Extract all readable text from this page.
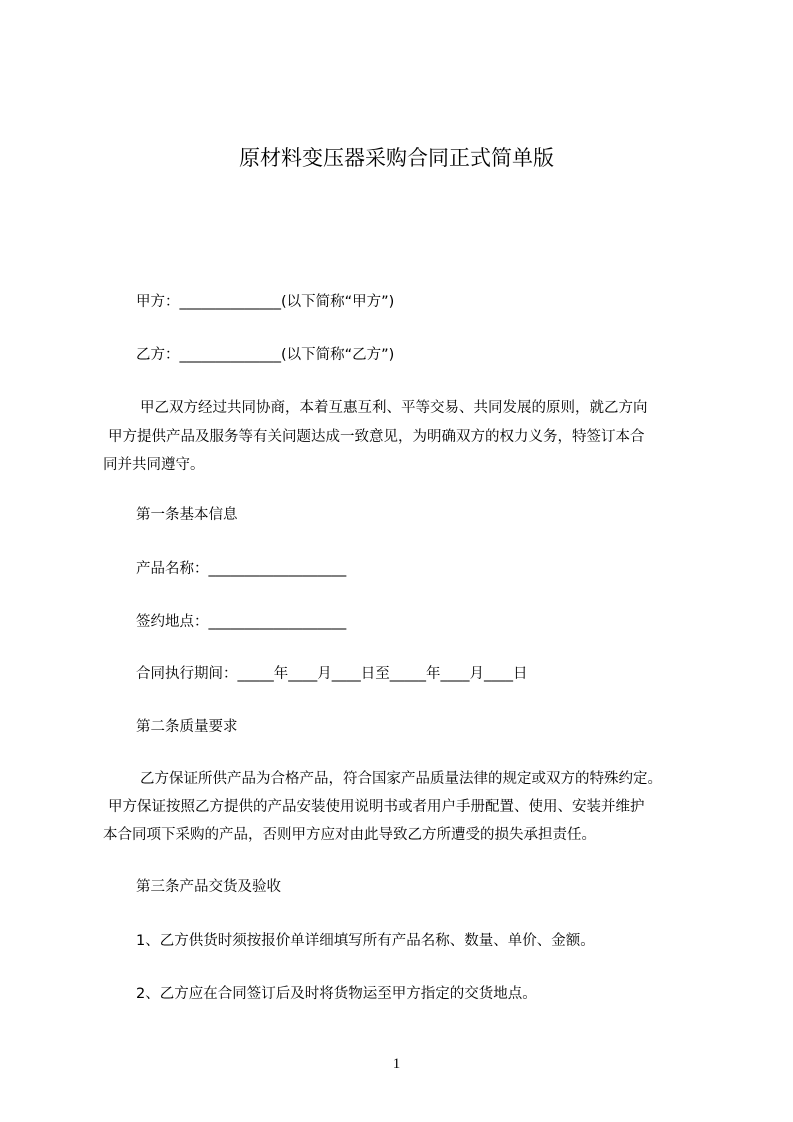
原材料变压器采购合同正式简单版
甲方：______________(以下简称“甲方”)
乙方：______________(以下简称“乙方”)
甲乙双方经过共同协商，本着互惠互利、平等交易、共同发展的原则，就乙方向
甲方提供产品及服务等有关问题达成一致意见，为明确双方的权力义务，特签订本合
同并共同遵守。
第一条基本信息
产品名称：___________________
签约地点：___________________
合同执行期间：_____年____月____日至_____年____月____日
第二条质量要求
乙方保证所供产品为合格产品，符合国家产品质量法律的规定或双方的特殊约定。
甲方保证按照乙方提供的产品安装使用说明书或者用户手册配置、使用、安装并维护
本合同项下采购的产品，否则甲方应对由此导致乙方所遭受的损失承担责任。
第三条产品交货及验收
1、乙方供货时须按报价单详细填写所有产品名称、数量、单价、金额。
2、乙方应在合同签订后及时将货物运至甲方指定的交货地点。
1
